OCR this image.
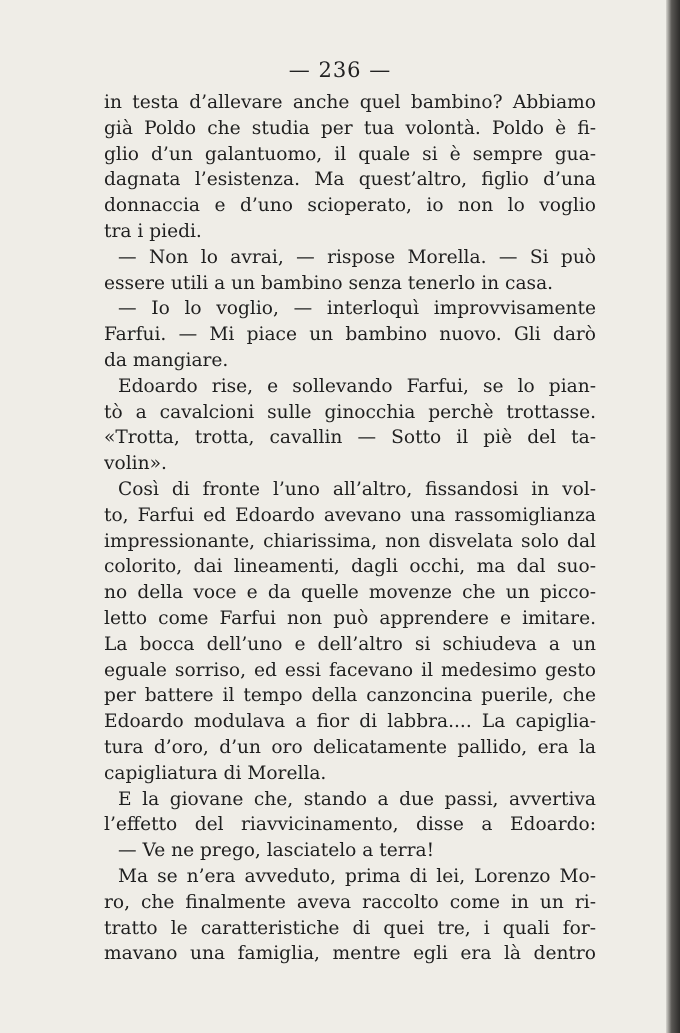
— 236 —
in testa d’allevare anche quel bambino? Abbiamo
già Poldo che studia per tua volontà. Poldo è fi-
glio d’un galantuomo, il quale si è sempre gua-
dagnata l’esistenza. Ma quest’altro, figlio d’una
donnaccia e d’uno scioperato, io non lo voglio
tra i piedi.
— Non lo avrai, — rispose Morella. — Si può
essere utili a un bambino senza tenerlo in casa.
— Io lo voglio, — interloquì improvvisamente
Farfui. — Mi piace un bambino nuovo. Gli darò
da mangiare.
Edoardo rise, e sollevando Farfui, se lo pian-
tò a cavalcioni sulle ginocchia perchè trottasse.
«Trotta, trotta, cavallin — Sotto il piè del ta-
volin».
Così di fronte l’uno all’altro, fissandosi in vol-
to, Farfui ed Edoardo avevano una rassomiglianza
impressionante, chiarissima, non disvelata solo dal
colorito, dai lineamenti, dagli occhi, ma dal suo-
no della voce e da quelle movenze che un picco-
letto come Farfui non può apprendere e imitare.
La bocca dell’uno e dell’altro si schiudeva a un
eguale sorriso, ed essi facevano il medesimo gesto
per battere il tempo della canzoncina puerile, che
Edoardo modulava a fior di labbra.... La capiglia-
tura d’oro, d’un oro delicatamente pallido, era la
capigliatura di Morella.
E la giovane che, stando a due passi, avvertiva
l’effetto del riavvicinamento, disse a Edoardo:
— Ve ne prego, lasciatelo a terra!
Ma se n’era avveduto, prima di lei, Lorenzo Mo-
ro, che finalmente aveva raccolto come in un ri-
tratto le caratteristiche di quei tre, i quali for-
mavano una famiglia, mentre egli era là dentro
